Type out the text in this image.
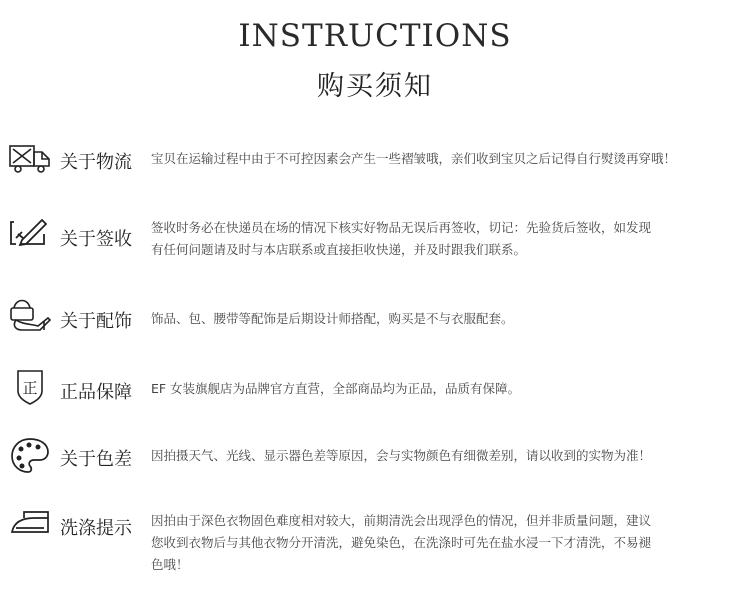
INSTRUCTIONS
购买须知
关于物流 宝贝在运输过程中由于不可控因素会产生一些褶皱哦，亲们收到宝贝之后记得自行熨烫再穿哦！
关于签收
签收时务必在快递员在场的情况下核实好物品无误后再签收，切记：先验货后签收，如发现
有任何问题请及时与本店联系或直接拒收快递，并及时跟我们联系。
关于配饰 饰品、包、腰带等配饰是后期设计师搭配，购买是不与衣服配套。
正 正品保障 EF 女装旗舰店为品牌官方直营，全部商品均为正品，品质有保障。
关于色差 因拍摄天气、光线、显示器色差等原因，会与实物颜色有细微差别，请以收到的实物为准！
洗涤提示 因拍由于深色衣物固色难度相对较大，前期清洗会出现浮色的情况，但并非质量问题，建议
您收到衣物后与其他衣物分开清洗，避免染色，在洗涤时可先在盐水浸一下才清洗，不易褪
色哦！
